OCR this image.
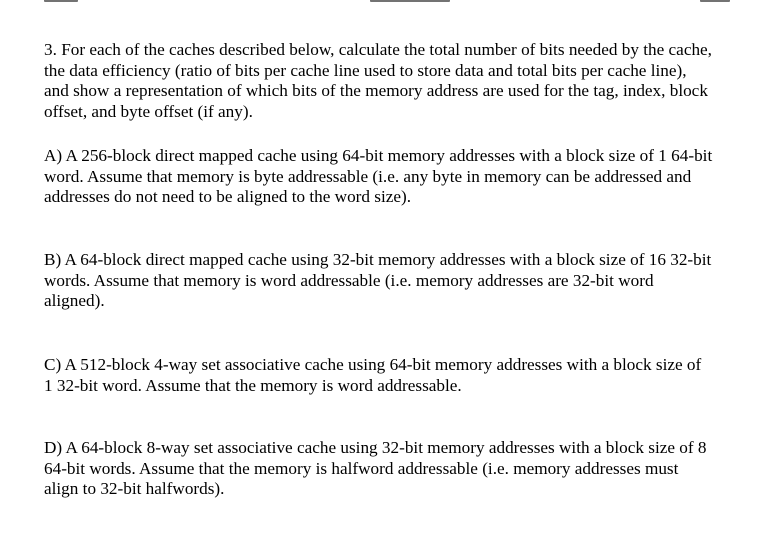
3. For each of the caches described below, calculate the total number of bits needed by the cache,
the data efficiency (ratio of bits per cache line used to store data and total bits per cache line),
and show a representation of which bits of the memory address are used for the tag, index, block
offset, and byte offset (if any).

A) A 256-block direct mapped cache using 64-bit memory addresses with a block size of 1 64-bit
word. Assume that memory is byte addressable (i.e. any byte in memory can be addressed and
addresses do not need to be aligned to the word size).

B) A 64-block direct mapped cache using 32-bit memory addresses with a block size of 16 32-bit
words. Assume that memory is word addressable (i.e. memory addresses are 32-bit word
aligned).

C) A 512-block 4-way set associative cache using 64-bit memory addresses with a block size of
1 32-bit word. Assume that the memory is word addressable.

D) A 64-block 8-way set associative cache using 32-bit memory addresses with a block size of 8
64-bit words. Assume that the memory is halfword addressable (i.e. memory addresses must
align to 32-bit halfwords).
